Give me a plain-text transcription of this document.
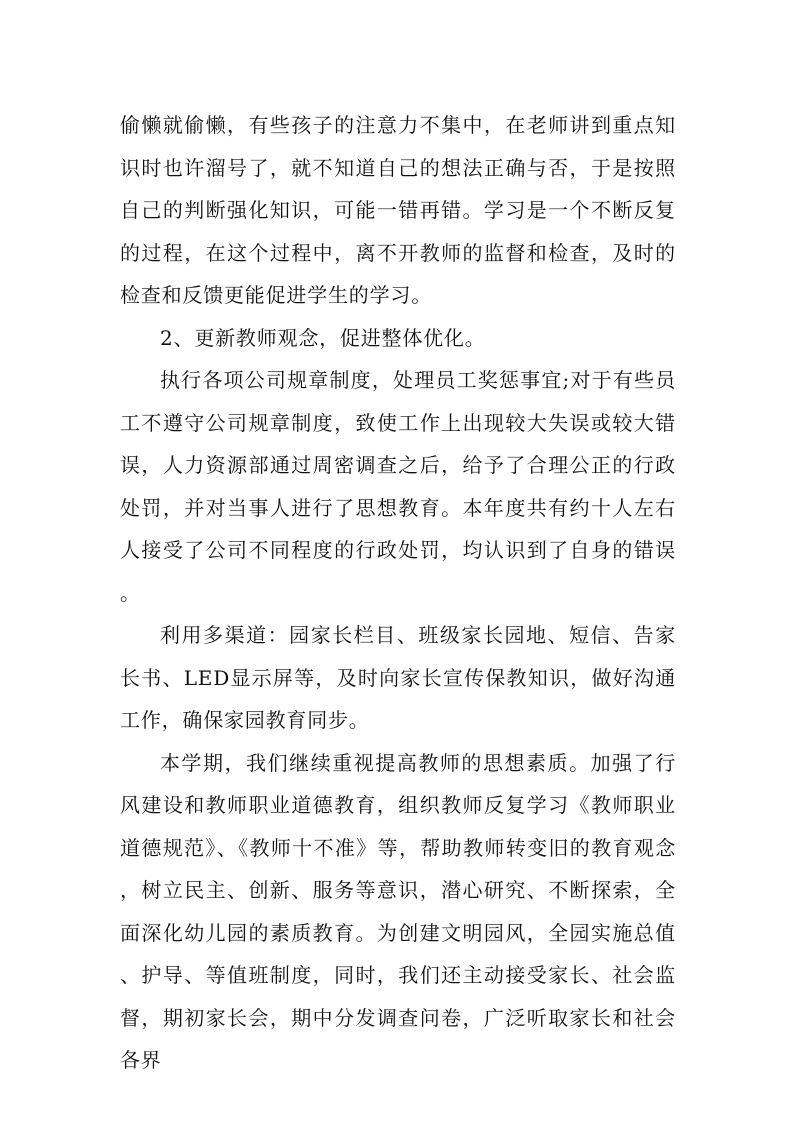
偷懒就偷懒，有些孩子的注意力不集中，在老师讲到重点知识时也许溜号了，就不知道自己的想法正确与否，于是按照自己的判断强化知识，可能一错再错。学习是一个不断反复的过程，在这个过程中，离不开教师的监督和检查，及时的检查和反馈更能促进学生的学习。

2、更新教师观念，促进整体优化。

执行各项公司规章制度，处理员工奖惩事宜;对于有些员工不遵守公司规章制度，致使工作上出现较大失误或较大错误，人力资源部通过周密调查之后，给予了合理公正的行政处罚，并对当事人进行了思想教育。本年度共有约十人左右人接受了公司不同程度的行政处罚，均认识到了自身的错误。

利用多渠道：园家长栏目、班级家长园地、短信、告家长书、LED显示屏等，及时向家长宣传保教知识，做好沟通工作，确保家园教育同步。

本学期，我们继续重视提高教师的思想素质。加强了行风建设和教师职业道德教育，组织教师反复学习《教师职业道德规范》、《教师十不准》等，帮助教师转变旧的教育观念，树立民主、创新、服务等意识，潜心研究、不断探索，全面深化幼儿园的素质教育。为创建文明园风，全园实施总值、护导、等值班制度，同时，我们还主动接受家长、社会监督，期初家长会，期中分发调查问卷，广泛听取家长和社会各界
